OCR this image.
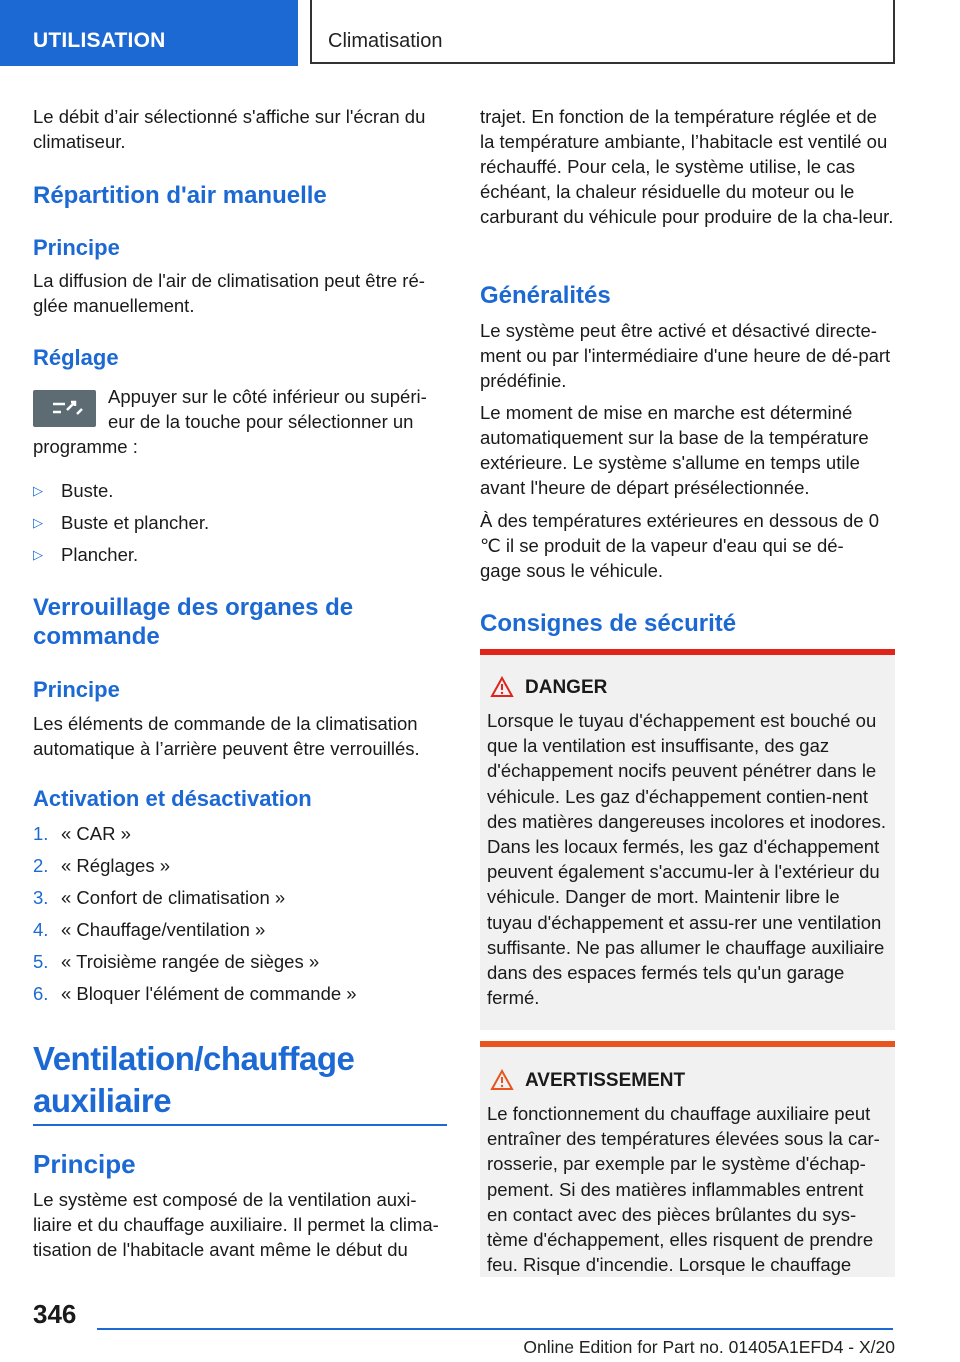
UTILISATION	Climatisation

Le débit d’air sélectionné s'affiche sur l'écran du climatiseur.

Répartition d'air manuelle
Principe

La diffusion de l'air de climatisation peut être ré-glée manuellement.

Réglage

Appuyer sur le côté inférieur ou supéri-

eur de la touche pour sélectionner un

programme :

▷ Buste.
▷ Buste et plancher.
▷ Plancher.
Verrouillage des organes de commande
Principe

Les éléments de commande de la climatisation automatique à l’arrière peuvent être verrouillés.

Activation et désactivation
1. « CAR »
2. « Réglages »
3. « Confort de climatisation »
4. « Chauffage/ventilation »
5. « Troisième rangée de sièges »
6. « Bloquer l'élément de commande »
Ventilation/chauffage auxiliaire
Principe

Le système est composé de la ventilation auxi-liaire et du chauffage auxiliaire. Il permet la clima-tisation de l'habitacle avant même le début du

trajet. En fonction de la température réglée et de la température ambiante, l’habitacle est ventilé ou réchauffé. Pour cela, le système utilise, le cas échéant, la chaleur résiduelle du moteur ou le carburant du véhicule pour produire de la cha-leur.

Généralités

Le système peut être activé et désactivé directe-ment ou par l'intermédiaire d'une heure de dé-part prédéfinie.

Le moment de mise en marche est déterminé automatiquement sur la base de la température extérieure. Le système s'allume en temps utile avant l'heure de départ présélectionnée.

À des températures extérieures en dessous de 0 ℃ il se produit de la vapeur d'eau qui se dé-gage sous le véhicule.

Consignes de sécurité
DANGER
Lorsque le tuyau d'échappement est bouché ou que la ventilation est insuffisante, des gaz d'échappement nocifs peuvent pénétrer dans le véhicule. Les gaz d'échappement contien-nent des matières dangereuses incolores et inodores. Dans les locaux fermés, les gaz d'échappement peuvent également s'accumu-ler à l'extérieur du véhicule. Danger de mort. Maintenir libre le tuyau d'échappement et assu-rer une ventilation suffisante. Ne pas allumer le chauffage auxiliaire dans des espaces fermés tels qu'un garage fermé.
AVERTISSEMENT
Le fonctionnement du chauffage auxiliaire peut entraîner des températures élevées sous la car-rosserie, par exemple par le système d'échap-pement. Si des matières inflammables entrent en contact avec des pièces brûlantes du sys-tème d'échappement, elles risquent de prendre feu. Risque d'incendie. Lorsque le chauffage
346
Online Edition for Part no. 01405A1EFD4 - X/20
